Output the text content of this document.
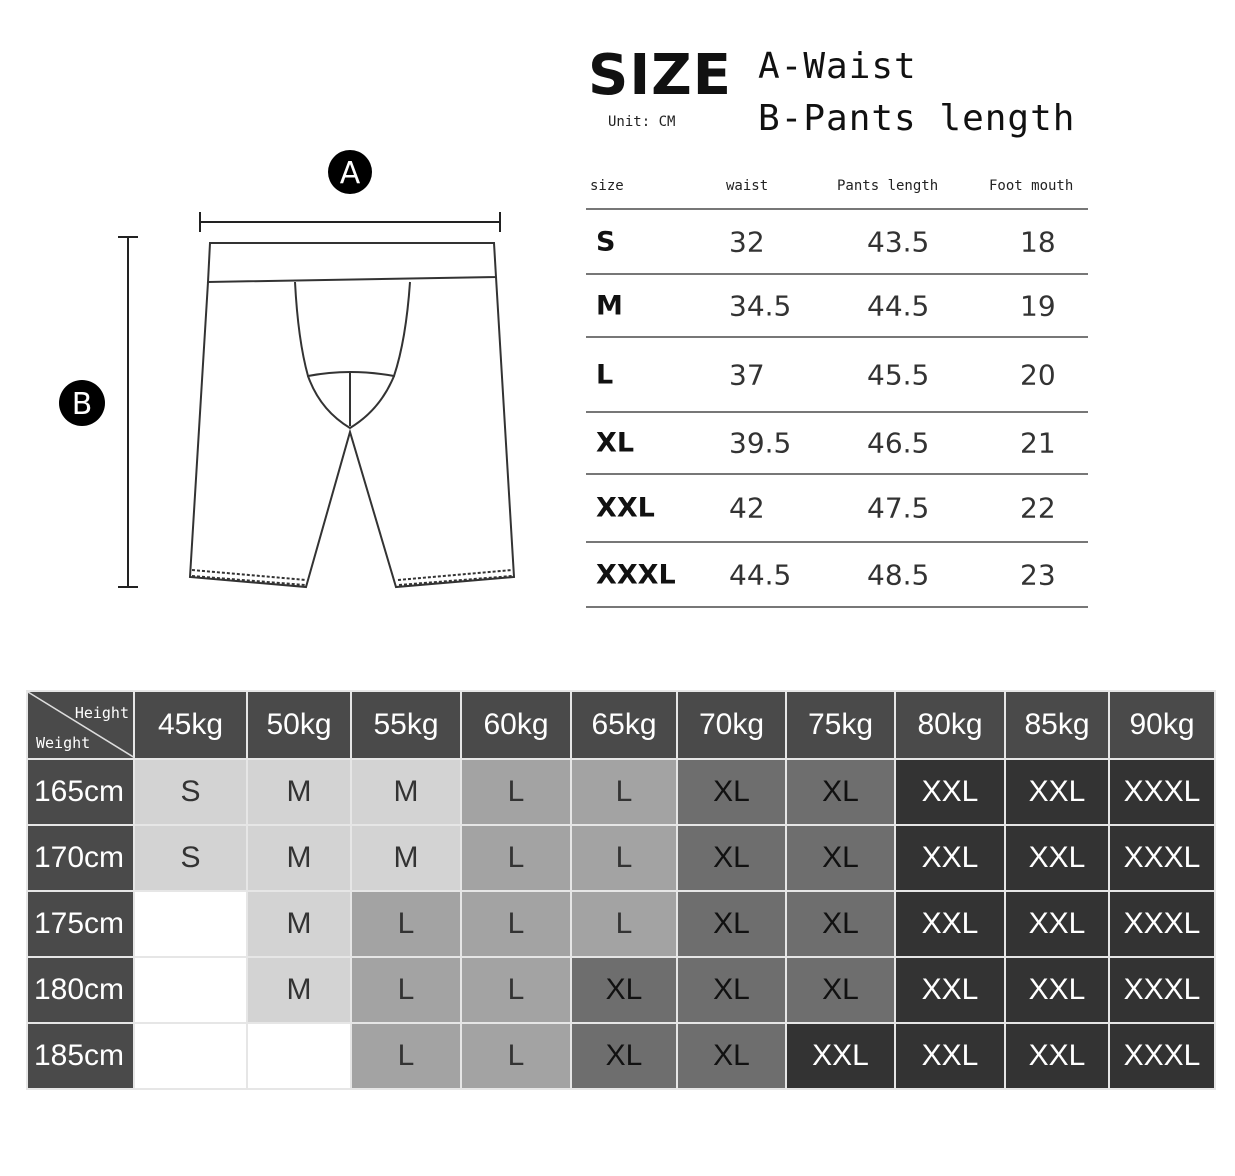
SIZE
Unit: CM
A-Waist
B-Pants length
A
B
size	waist	Pants length	Foot mouth
S	32	43.5	18
M	34.5	44.5	19
L	37	45.5	20
XL	39.5	46.5	21
XXL	42	47.5	22
XXXL 44.5	48.5	23
Height
Weight	45kg	50kg	55kg	60kg	65kg	70kg	75kg	80kg	85kg	90kg
165cm	S	M	M	L	L	XL	XL	XXL	XXL	XXXL
170cm	S	M	M	L	L	XL	XL	XXL	XXL	XXXL
175cm		M	L	L	L	XL	XL	XXL	XXL	XXXL
180cm		M	L	L	XL	XL	XL	XXL	XXL	XXXL
185cm			L	L	XL	XL	XXL	XXL	XXL	XXXL
